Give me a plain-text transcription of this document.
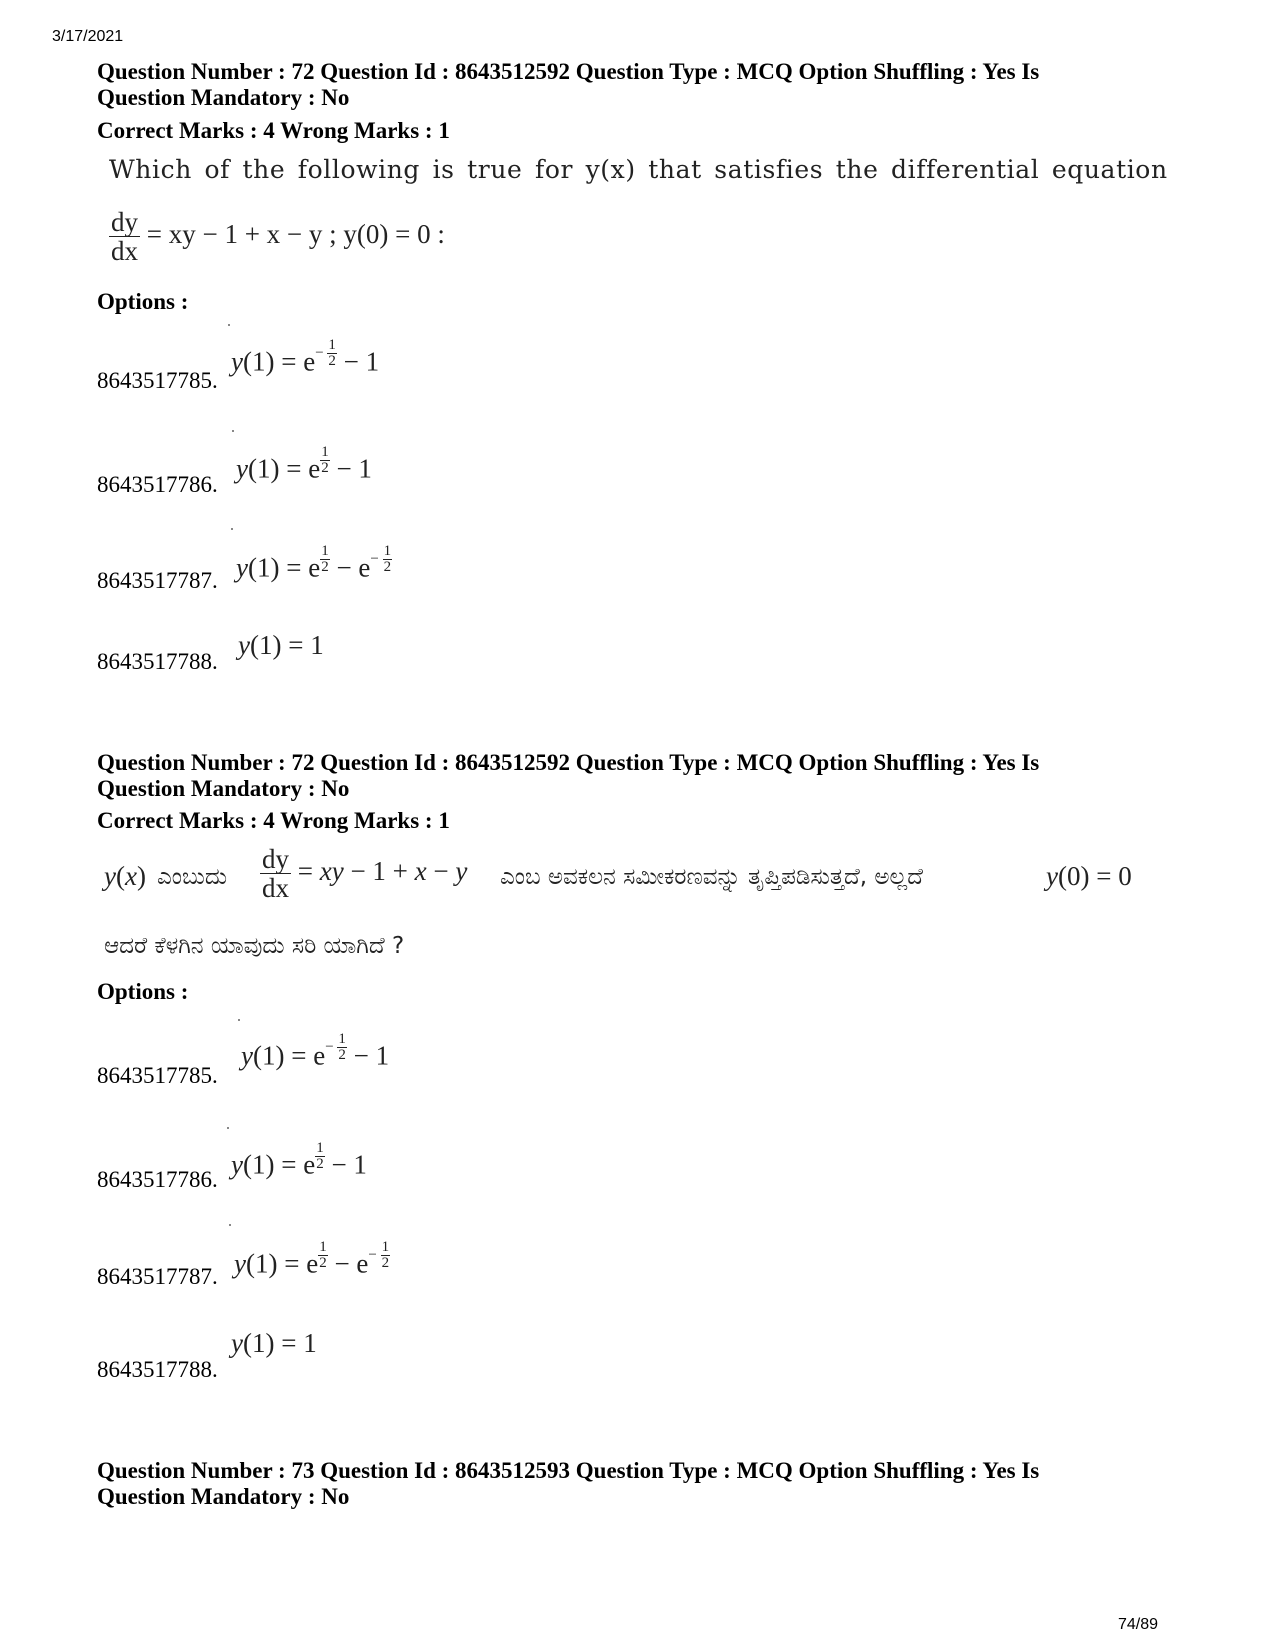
3/17/2021
74/89
Question Number : 72 Question Id : 8643512592 Question Type : MCQ Option Shuffling : Yes Is
Question Mandatory : No
Correct Marks : 4 Wrong Marks : 1
Which of the following is true for y(x) that satisfies the differential equation
$\frac{dy}{dx}$ = xy − 1 + x − y ; y(0) = 0 :
Options :
$y(1) = e- \frac{1}{2} - 1$
8643517785.
y(1) = e $\frac{1}{2} - 1$
8643517786.
y(1) = e $\frac{1}{2} - e- \frac{1}{2}$
8643517787.
y(1) = 1
8643517788.
Question Number : 72 Question Id : 8643512592 Question Type : MCQ Option Shuffling : Yes Is
Question Mandatory : No
Correct Marks : 4 Wrong Marks : 1
y(x) ಎಂಬುದು $\frac{dy}{dx}$ = xy − 1 + x − y ಎಂಬ ಅವಕಲನ ಸಮೀಕರಣವನ್ನು ತೃಪ್ತಿಪಡಿಸುತ್ತದೆ, ಅಲ್ಲದೆ	y(0) = 0
ಆದರೆ ಕೆಳಗಿನ ಯಾವುದು ಸರಿ ಯಾಗಿದೆ ?
Options :
$y(1) = e- \frac{1}{2} - 1$
8643517785.
y(1) = e $\frac{1}{2} - 1$
8643517786.
y(1) = e $\frac{1}{2} - e- \frac{1}{2}$
8643517787.
y(1) = 1
8643517788.
Question Number : 73 Question Id : 8643512593 Question Type : MCQ Option Shuffling : Yes Is
Question Mandatory : No
